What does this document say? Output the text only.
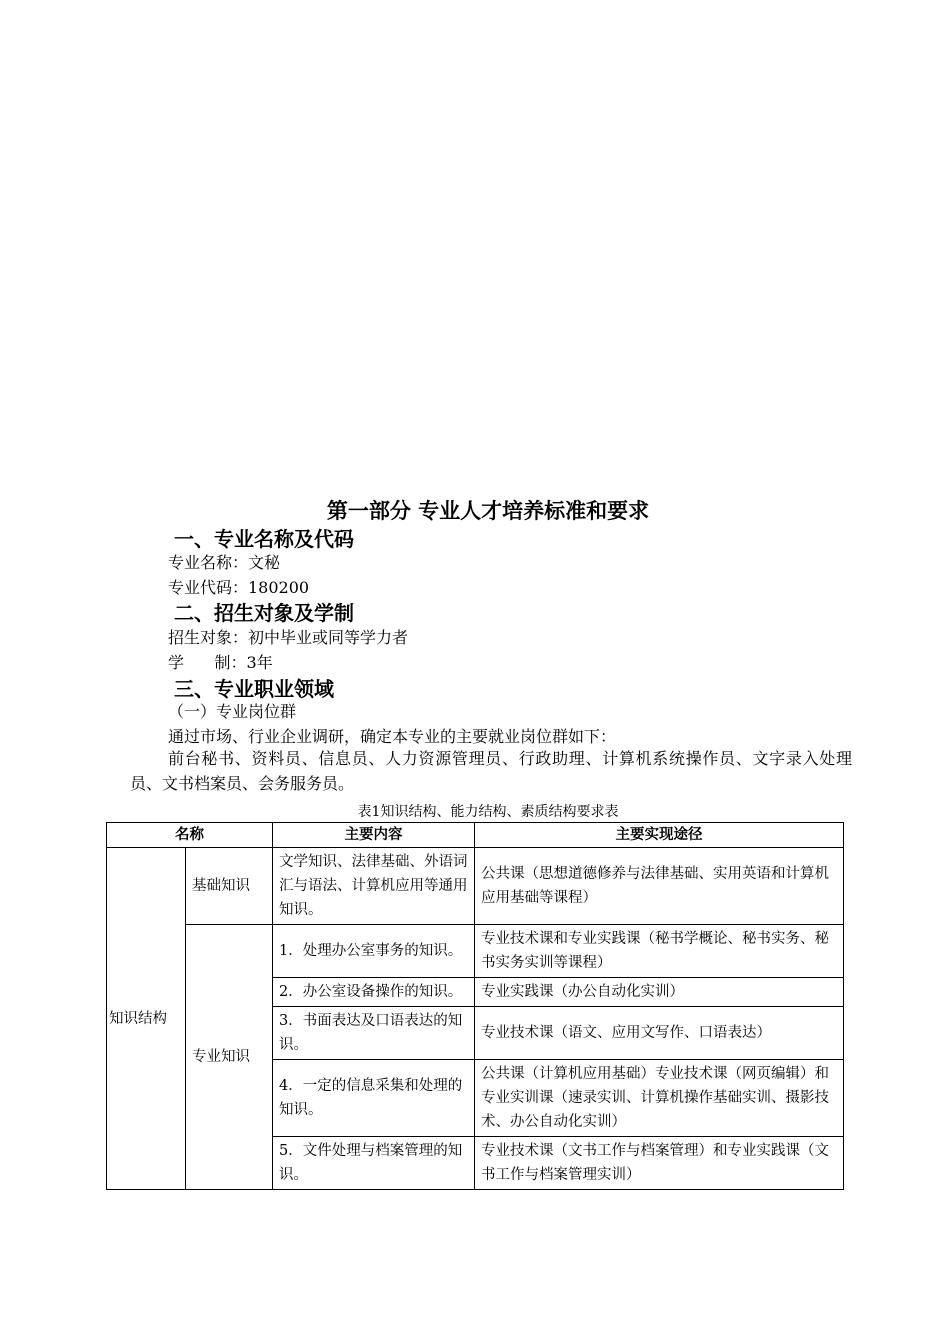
第一部分 专业人才培养标准和要求
一、专业名称及代码
专业名称：文秘
专业代码：180200
二、招生对象及学制
招生对象：初中毕业或同等学力者
学      制：3年
三、专业职业领域
（一）专业岗位群
通过市场、行业企业调研，确定本专业的主要就业岗位群如下：
前台秘书、资料员、信息员、人力资源管理员、行政助理、计算机系统操作员、文字录入处理员、文书档案员、会务服务员。
表1知识结构、能力结构、素质结构要求表
名称		主要内容	主要实现途径
知识结构	基础知识	文学知识、法律基础、外语词汇与语法、计算机应用等通用知识。	公共课（思想道德修养与法律基础、实用英语和计算机应用基础等课程）
	专业知识	1．处理办公室事务的知识。	专业技术课和专业实践课（秘书学概论、秘书实务、秘书实务实训等课程）
		2．办公室设备操作的知识。	专业实践课（办公自动化实训）
		3．书面表达及口语表达的知识。	专业技术课（语文、应用文写作、口语表达）
		4．一定的信息采集和处理的知识。	公共课（计算机应用基础）专业技术课（网页编辑）和专业实训课（速录实训、计算机操作基础实训、摄影技术、办公自动化实训）
		5．文件处理与档案管理的知识。	专业技术课（文书工作与档案管理）和专业实践课（文书工作与档案管理实训）
